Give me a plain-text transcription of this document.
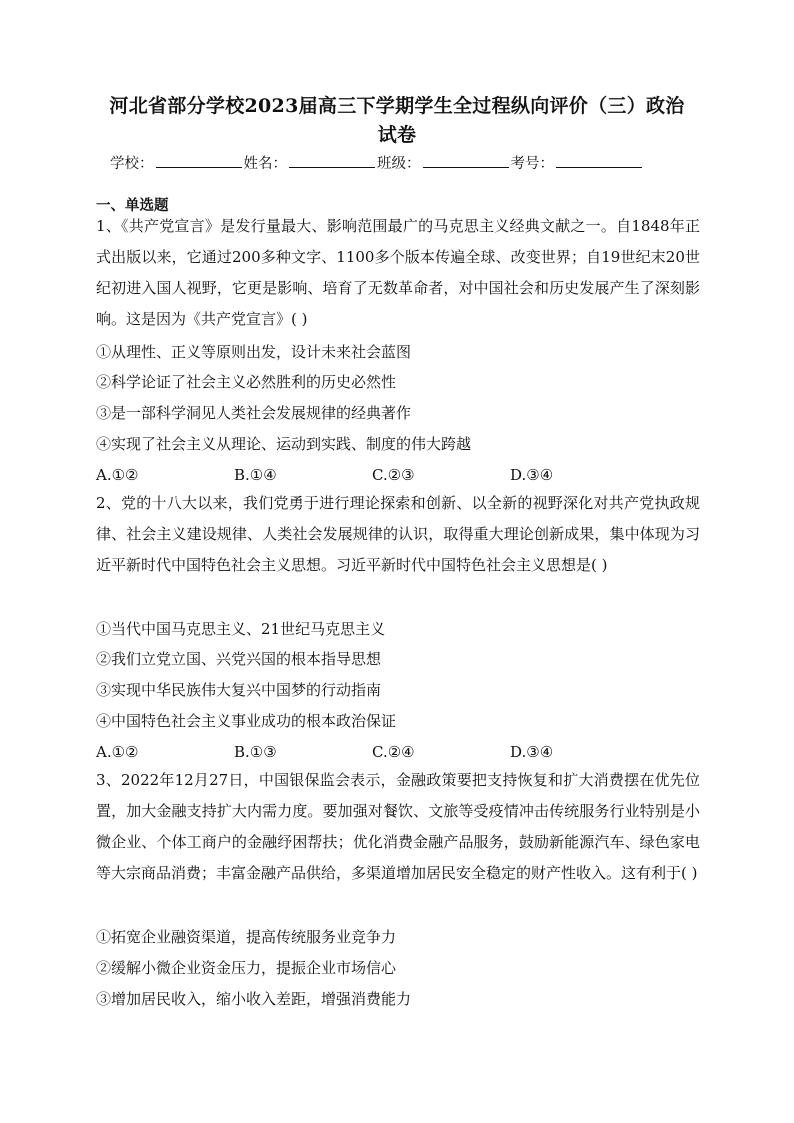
河北省部分学校2023届高三下学期学生全过程纵向评价（三）政治
试卷
学校：	姓名：	班级：	考号：
一、单选题
1、《共产党宣言》是发行量最大、影响范围最广的马克思主义经典文献之一。自1848年正式出版以来，它通过200多种文字、1100多个版本传遍全球、改变世界；自19世纪末20世纪初进入国人视野，它更是影响、培育了无数革命者，对中国社会和历史发展产生了深刻影响。这是因为《共产党宣言》( )
①从理性、正义等原则出发，设计未来社会蓝图
②科学论证了社会主义必然胜利的历史必然性
③是一部科学洞见人类社会发展规律的经典著作
④实现了社会主义从理论、运动到实践、制度的伟大跨越
A.①②	B.①④	C.②③	D.③④
2、党的十八大以来，我们党勇于进行理论探索和创新、以全新的视野深化对共产党执政规律、社会主义建设规律、人类社会发展规律的认识，取得重大理论创新成果，集中体现为习近平新时代中国特色社会主义思想。习近平新时代中国特色社会主义思想是( )
①当代中国马克思主义、21世纪马克思主义
②我们立党立国、兴党兴国的根本指导思想
③实现中华民族伟大复兴中国梦的行动指南
④中国特色社会主义事业成功的根本政治保证
A.①②	B.①③	C.②④	D.③④
3、2022年12月27日，中国银保监会表示，金融政策要把支持恢复和扩大消费摆在优先位置，加大金融支持扩大内需力度。要加强对餐饮、文旅等受疫情冲击传统服务行业特别是小微企业、个体工商户的金融纾困帮扶；优化消费金融产品服务，鼓励新能源汽车、绿色家电等大宗商品消费；丰富金融产品供给，多渠道增加居民安全稳定的财产性收入。这有利于( )
①拓宽企业融资渠道，提高传统服务业竞争力
②缓解小微企业资金压力，提振企业市场信心
③增加居民收入，缩小收入差距，增强消费能力
